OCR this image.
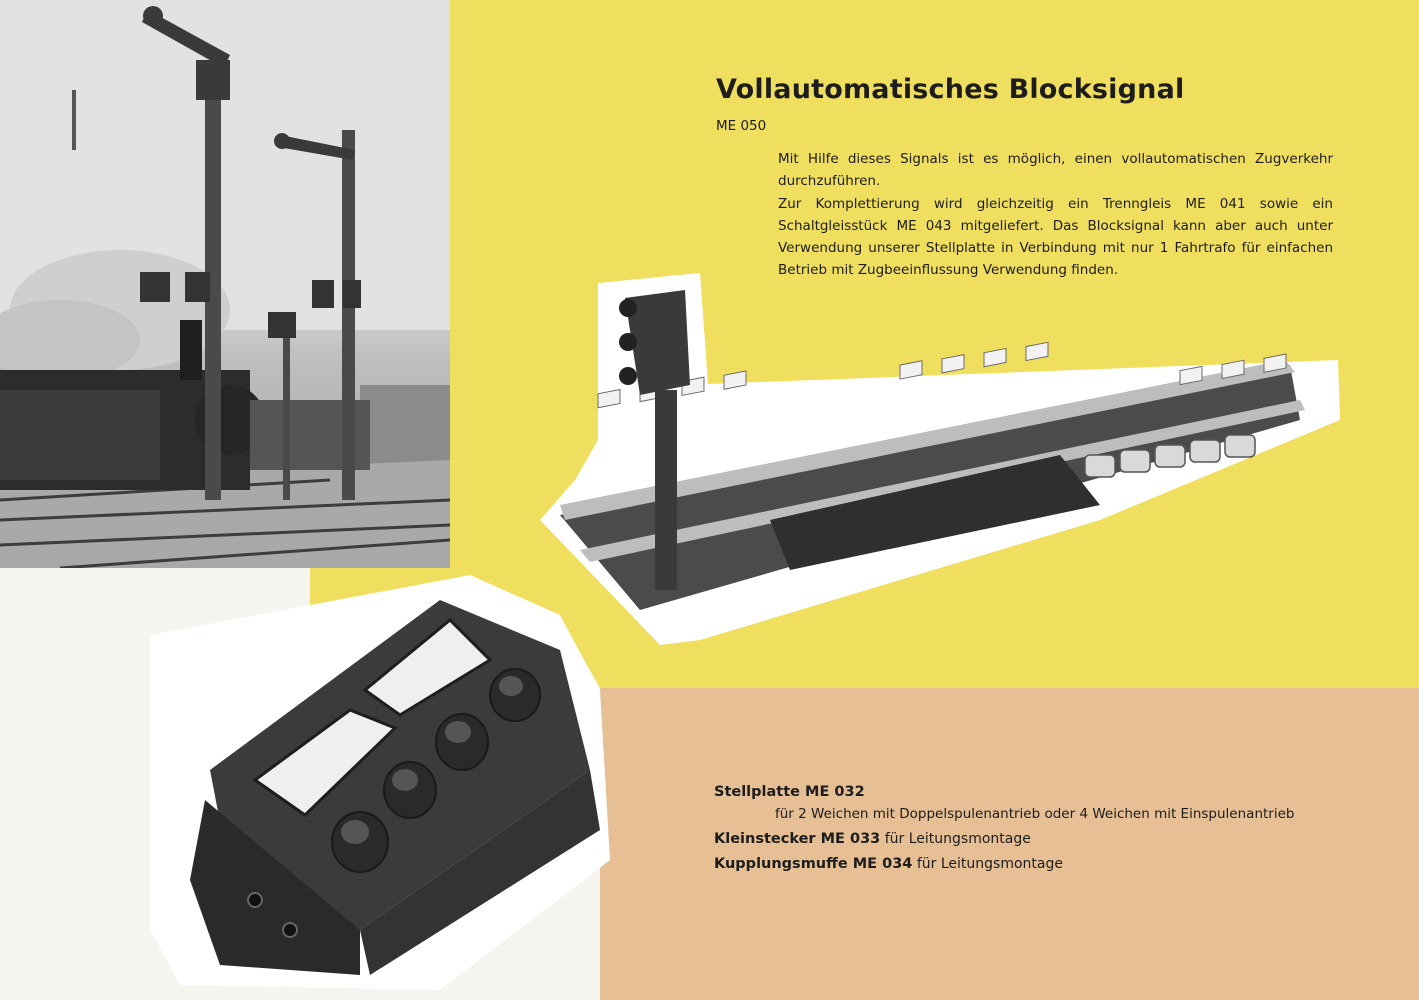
Vollautomatisches Blocksignal
ME 050
Mit Hilfe dieses Signals ist es möglich, einen vollautomatischen Zugverkehr durchzuführen.
Zur Komplettierung wird gleichzeitig ein Trenngleis ME 041 sowie ein Schaltgleisstück ME 043 mitgeliefert. Das Blocksignal kann aber auch unter Verwendung unserer Stellplatte in Verbindung mit nur 1 Fahrtrafo für einfachen Betrieb mit Zugbeeinflussung Verwendung finden.
Stellplatte ME 032
für 2 Weichen mit Doppelspulenantrieb oder 4 Weichen mit Einspulenantrieb
Kleinstecker ME 033 für Leitungsmontage
Kupplungsmuffe ME 034 für Leitungsmontage
